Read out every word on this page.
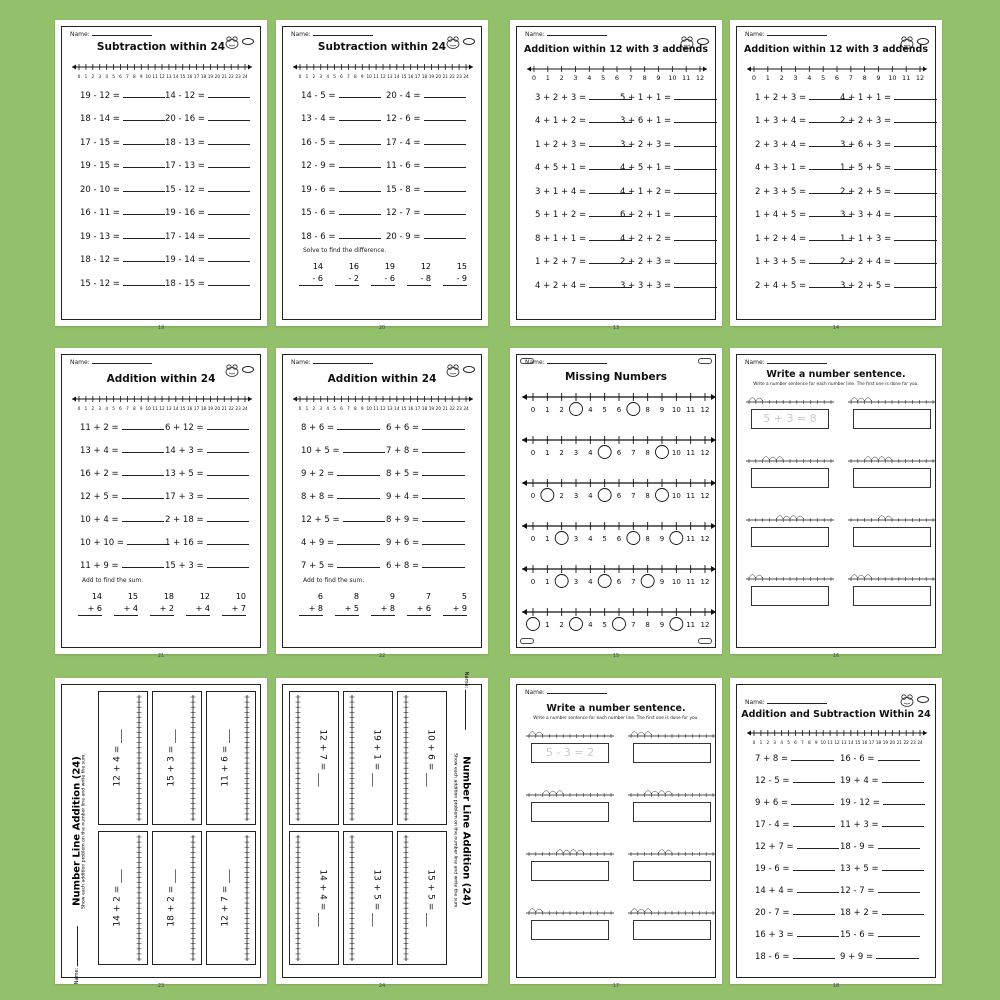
19
Name:
Subtraction within 24
0 1 2 3 4 5 6 7 8 9 10 11 12 13 14 15 16 17 18 19 20 21 22 23 24
19 - 12 =	14 - 12 =
18 - 14 =	20 - 16 =
17 - 15 =	18 - 13 =
19 - 15 =	17 - 13 =
20 - 10 =	15 - 12 =
16 - 11 =	19 - 16 =
19 - 13 =	17 - 14 =
18 - 12 =	19 - 14 =
15 - 12 =	18 - 15 =
20
Name:
Subtraction within 24
0 1 2 3 4 5 6 7 8 9 10 11 12 13 14 15 16 17 18 19 20 21 22 23 24
14 - 5 =	20 - 4 =
13 - 4 =	12 - 6 =
16 - 5 =	17 - 4 =
12 - 9 =	11 - 6 =
19 - 6 =	15 - 8 =
15 - 6 =	12 - 7 =
18 - 6 =	20 - 9 =
Solve to find the difference.
14
- 6
16
- 2
19
- 6
12
- 8
15
- 9
13
Name:
Addition within 12 with 3 addends
0 1 2 3 4 5 6 7 8 9 10 11 12
3 + 2 + 3 =	5 + 1 + 1 =
4 + 1 + 2 =	3 + 6 + 1 =
1 + 2 + 3 =	3 + 2 + 3 =
4 + 5 + 1 =	4 + 5 + 1 =
3 + 1 + 4 =	4 + 1 + 2 =
5 + 1 + 2 =	6 + 2 + 1 =
8 + 1 + 1 =	4 + 2 + 2 =
1 + 2 + 7 =	2 + 2 + 3 =
4 + 2 + 4 =	3 + 3 + 3 =
14
Name:
Addition within 12 with 3 addends
0 1 2 3 4 5 6 7 8 9 10 11 12
1 + 2 + 3 =	4 + 1 + 1 =
1 + 3 + 4 =	2 + 2 + 3 =
2 + 3 + 4 =	3 + 6 + 3 =
4 + 3 + 1 =	1 + 5 + 5 =
2 + 3 + 5 =	2 + 2 + 5 =
1 + 4 + 5 =	3 + 3 + 4 =
1 + 2 + 4 =	1 + 1 + 3 =
1 + 3 + 5 =	2 + 2 + 4 =
2 + 4 + 5 =	3 + 2 + 5 =
21
Name:
Addition within 24
0 1 2 3 4 5 6 7 8 9 10 11 12 13 14 15 16 17 18 19 20 21 22 23 24
11 + 2 =	6 + 12 =
13 + 4 =	14 + 3 =
16 + 2 =	13 + 5 =
12 + 5 =	17 + 3 =
10 + 4 =	2 + 18 =
10 + 10 =	1 + 16 =
11 + 9 =	15 + 3 =
Add to find the sum.
14
+ 6
15
+ 4
18
+ 2
12
+ 4
10
+ 7
22
Name:
Addition within 24
0 1 2 3 4 5 6 7 8 9 10 11 12 13 14 15 16 17 18 19 20 21 22 23 24
8 + 6 =	6 + 6 =
10 + 5 =	7 + 8 =
9 + 2 =	8 + 5 =
8 + 8 =	9 + 4 =
12 + 5 =	8 + 9 =
4 + 9 =	9 + 6 =
7 + 5 =	6 + 8 =
Add to find the sum.
6
+ 8
8
+ 5
9
+ 8
7
+ 6
5
+ 9
15
Name:
Missing Numbers
0 1 2	4 5 6	8 9 10 11 12
0 1 2 3 4	6 7 8	10 11 12
0	2 3 4	6 7 8	10 11 12
0 1	3 4 5 6	8 9	11 12
0 1	3 4	6 7	9 10 11 12
1 2	4 5	7 8 9	11 12
16
Name:
Write a number sentence.
Write a number sentence for each number line. The first one is done for you.
5 + 3 = 8
17
Name:
Write a number sentence.
Write a number sentence for each number line. The first one is done for you.
5 - 3 = 2
23
Number Line Addition (24) Show each addition problem on the number line and write the sum.
Name:
12 + 4 = ___	15 + 3 = ___	11 + 6 = ___
14 + 2 = ___	18 + 2 = ___	12 + 7 = ___
24
Number Line Addition (24)
Show each addition problem on the number line and write the sum.
Name:
12 + 7 = ___	19 + 1 = ___	10 + 6 = ___
14 + 4 = ___	13 + 5 = ___	15 + 5 = ___
18
Name:
Addition and Subtraction Within 24
0 1 2 3 4 5 6 7 8 9 10 11 12 13 14 15 16 17 18 19 20 21 22 23 24
7 + 8 =	16 - 6 =
12 - 5 =	19 + 4 =
9 + 6 =	19 - 12 =
17 - 4 =	11 + 3 =
12 + 7 =	18 - 9 =
19 - 6 =	13 + 5 =
14 + 4 =	12 - 7 =
20 - 7 =	18 + 2 =
16 + 3 =	15 - 6 =
18 - 6 =	9 + 9 =
